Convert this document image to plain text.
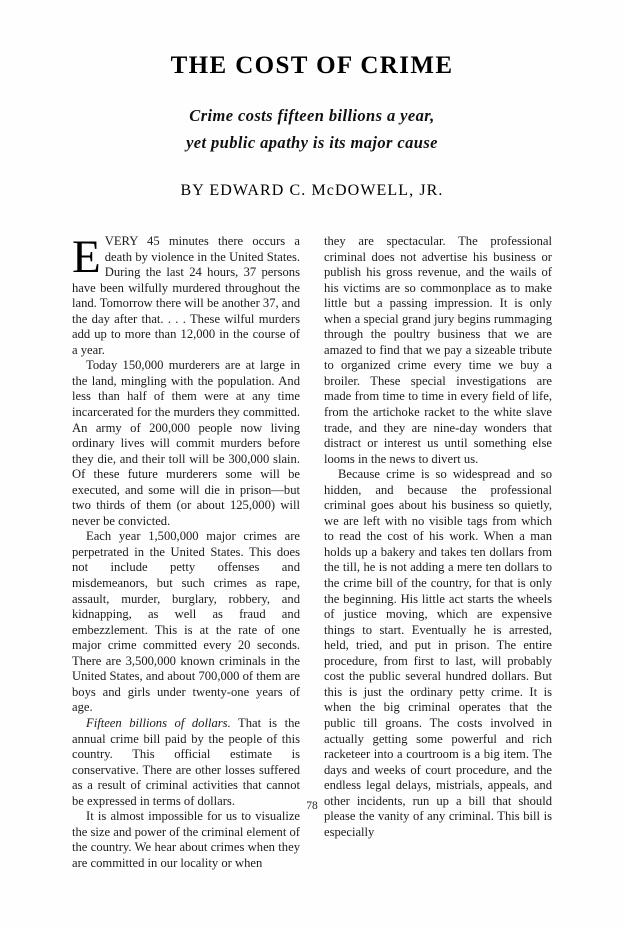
THE COST OF CRIME
Crime costs fifteen billions a year,
yet public apathy is its major cause
BY EDWARD C. McDOWELL, JR.

EVERY 45 minutes there occurs a death by violence in the United States. During the last 24 hours, 37 persons have been wilfully murdered throughout the land. Tomorrow there will be another 37, and the day after that. . . . These wilful murders add up to more than 12,000 in the course of a year.

Today 150,000 murderers are at large in the land, mingling with the population. And less than half of them were at any time incarcerated for the murders they committed. An army of 200,000 people now living ordinary lives will commit murders before they die, and their toll will be 300,000 slain. Of these future murderers some will be executed, and some will die in prison—but two thirds of them (or about 125,000) will never be convicted.

Each year 1,500,000 major crimes are perpetrated in the United States. This does not include petty offenses and misdemeanors, but such crimes as rape, assault, murder, burglary, robbery, and kidnapping, as well as fraud and embezzlement. This is at the rate of one major crime committed every 20 seconds. There are 3,500,000 known criminals in the United States, and about 700,000 of them are boys and girls under twenty-one years of age.

Fifteen billions of dollars. That is the annual crime bill paid by the people of this country. This official estimate is conservative. There are other losses suffered as a result of criminal activities that cannot be expressed in terms of dollars.

It is almost impossible for us to visualize the size and power of the criminal element of the country. We hear about crimes when they are committed in our locality or when

they are spectacular. The professional criminal does not advertise his business or publish his gross revenue, and the wails of his victims are so commonplace as to make little but a passing impression. It is only when a special grand jury begins rummaging through the poultry business that we are amazed to find that we pay a sizeable tribute to organized crime every time we buy a broiler. These special investigations are made from time to time in every field of life, from the artichoke racket to the white slave trade, and they are nine-day wonders that distract or interest us until something else looms in the news to divert us.

Because crime is so widespread and so hidden, and because the professional criminal goes about his business so quietly, we are left with no visible tags from which to read the cost of his work. When a man holds up a bakery and takes ten dollars from the till, he is not adding a mere ten dollars to the crime bill of the country, for that is only the beginning. His little act starts the wheels of justice moving, which are expensive things to start. Eventually he is arrested, held, tried, and put in prison. The entire procedure, from first to last, will probably cost the public several hundred dollars. But this is just the ordinary petty crime. It is when the big criminal operates that the public till groans. The costs involved in actually getting some powerful and rich racketeer into a courtroom is a big item. The days and weeks of court procedure, and the endless legal delays, mistrials, appeals, and other incidents, run up a bill that should please the vanity of any criminal. This bill is especially

78
